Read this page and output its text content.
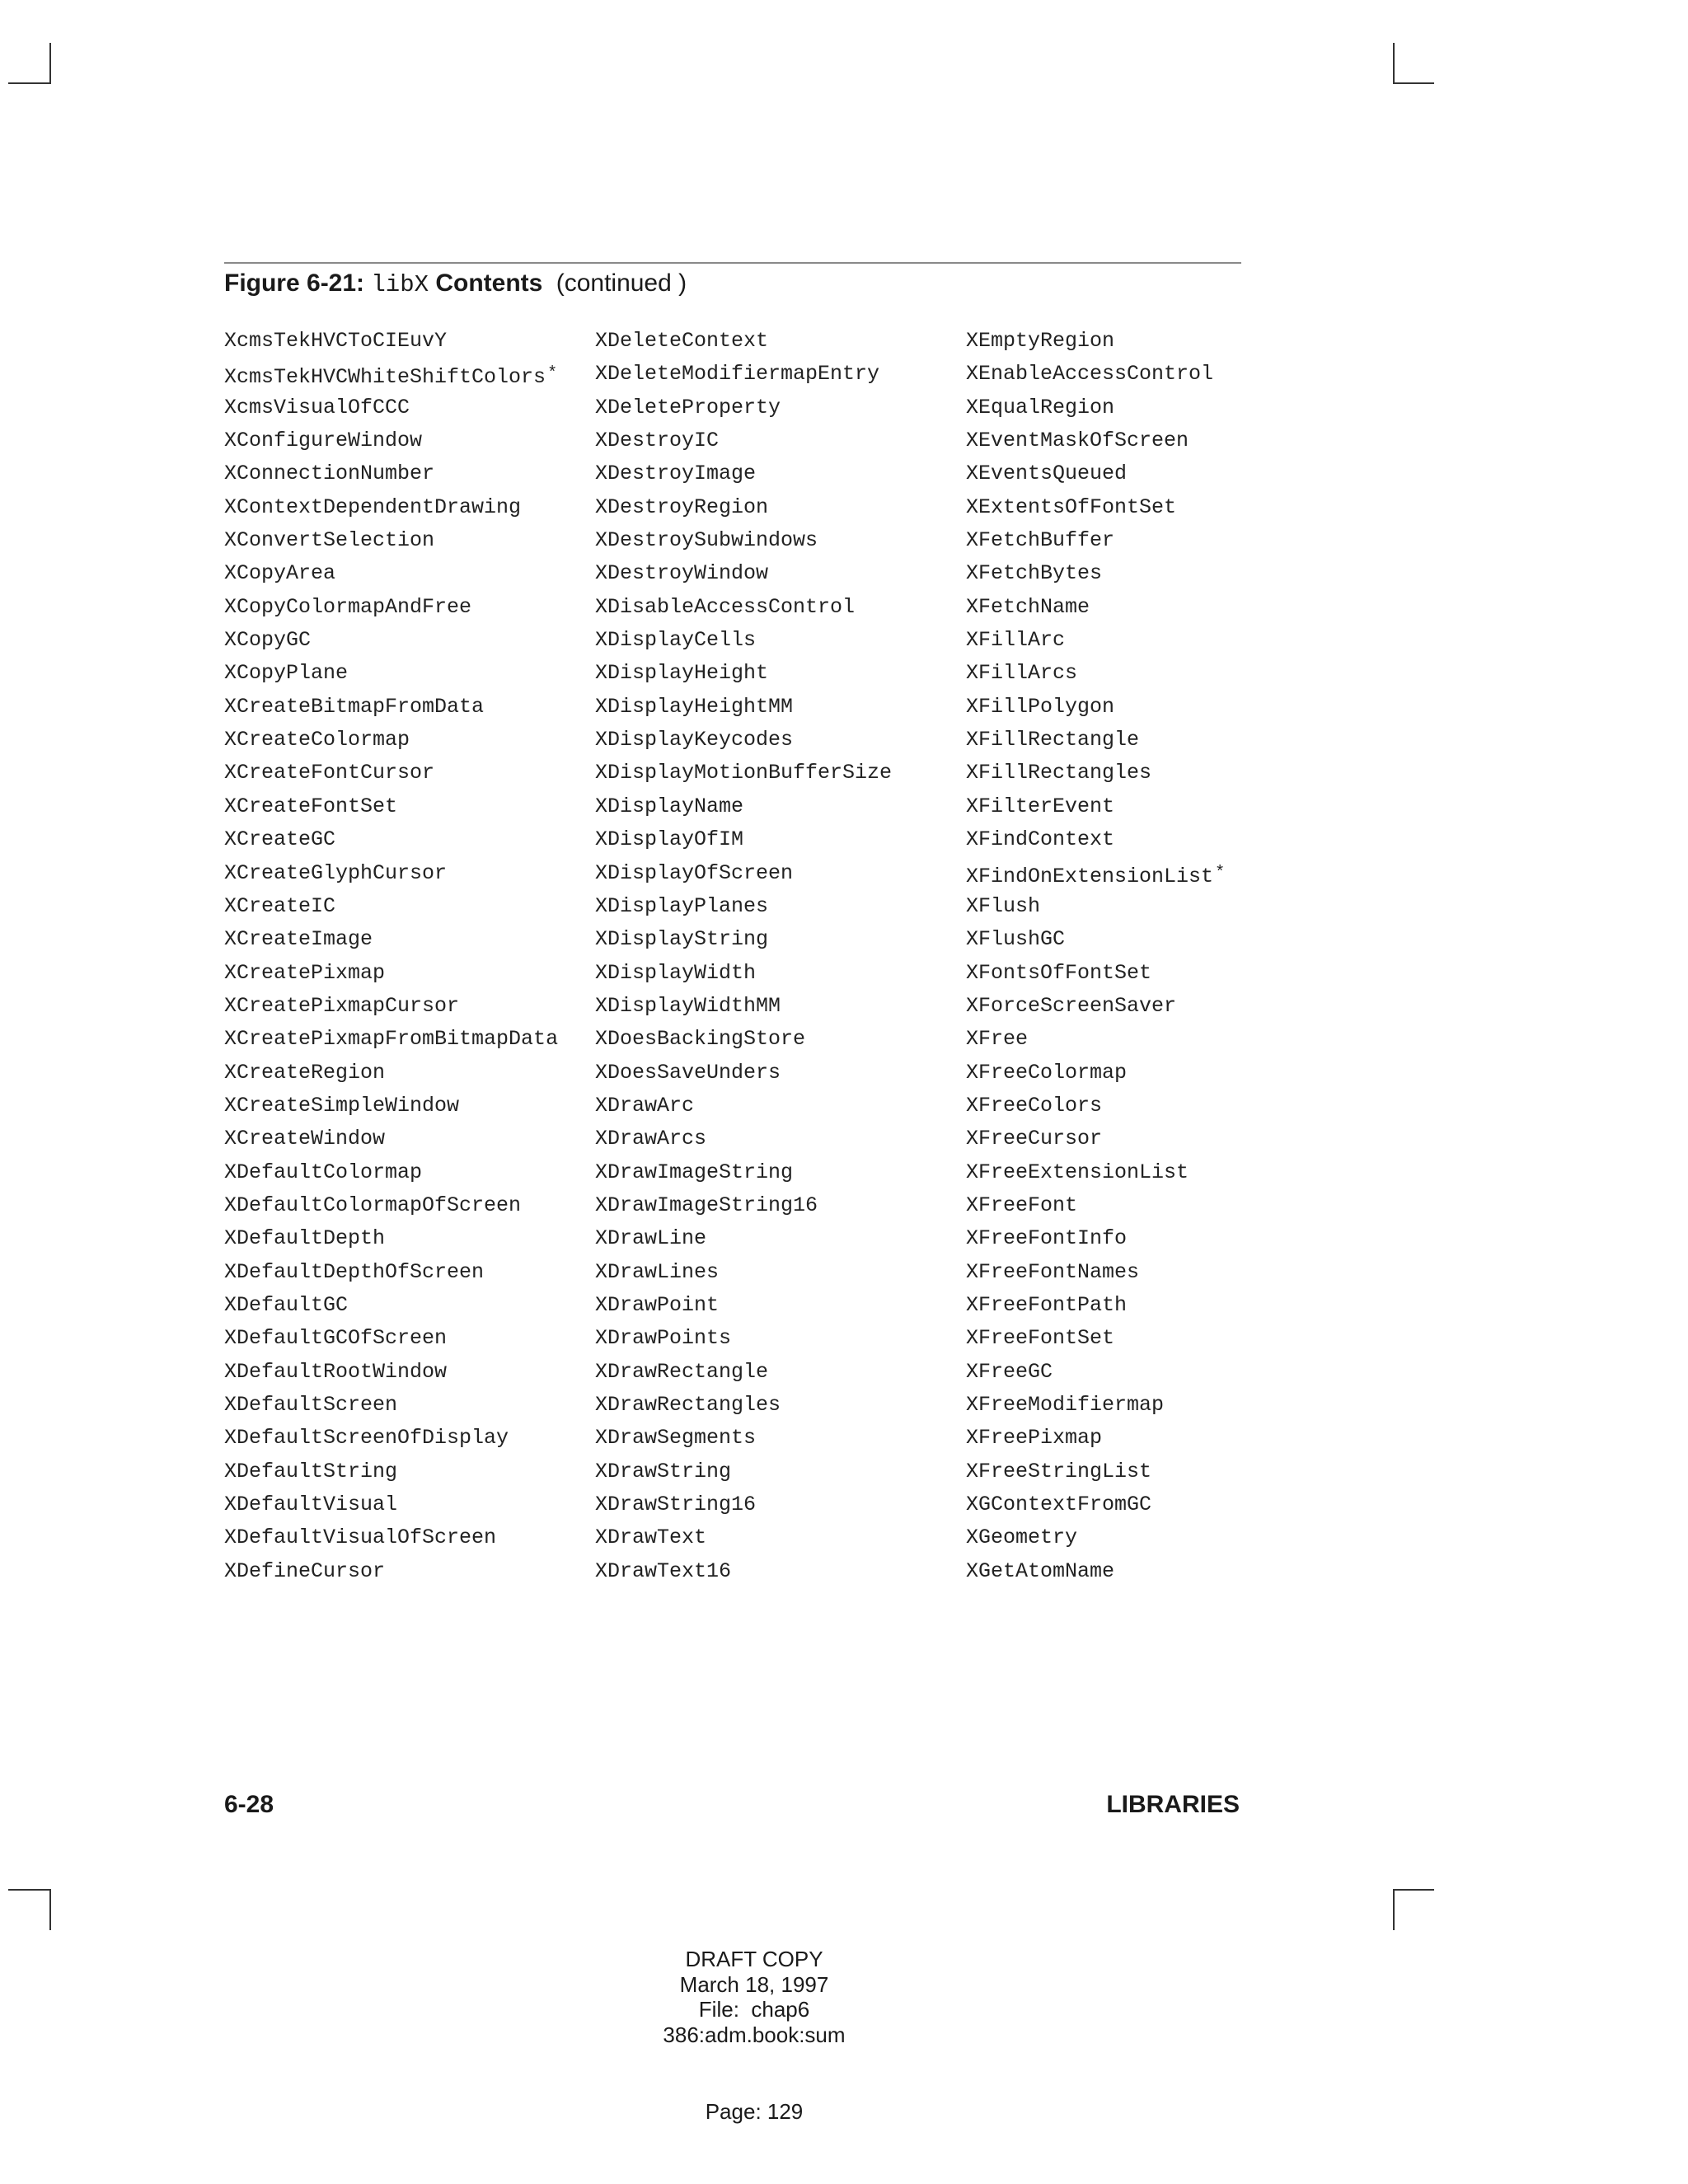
Figure 6-21: libX Contents (continued )
XcmsTekHVCToCIEuvY
XcmsTekHVCWhiteShiftColors *
XcmsVisualOfCCC
XConfigureWindow
XConnectionNumber
XContextDependentDrawing
XConvertSelection
XCopyArea
XCopyColormapAndFree
XCopyGC
XCopyPlane
XCreateBitmapFromData
XCreateColormap
XCreateFontCursor
XCreateFontSet
XCreateGC
XCreateGlyphCursor
XCreateIC
XCreateImage
XCreatePixmap
XCreatePixmapCursor
XCreatePixmapFromBitmapData
XCreateRegion
XCreateSimpleWindow
XCreateWindow
XDefaultColormap
XDefaultColormapOfScreen
XDefaultDepth
XDefaultDepthOfScreen
XDefaultGC
XDefaultGCOfScreen
XDefaultRootWindow
XDefaultScreen
XDefaultScreenOfDisplay
XDefaultString
XDefaultVisual
XDefaultVisualOfScreen
XDefineCursor
XDeleteContext
XDeleteModifiermapEntry
XDeleteProperty
XDestroyIC
XDestroyImage
XDestroyRegion
XDestroySubwindows
XDestroyWindow
XDisableAccessControl
XDisplayCells
XDisplayHeight
XDisplayHeightMM
XDisplayKeycodes
XDisplayMotionBufferSize
XDisplayName
XDisplayOfIM
XDisplayOfScreen
XDisplayPlanes
XDisplayString
XDisplayWidth
XDisplayWidthMM
XDoesBackingStore
XDoesSaveUnders
XDrawArc
XDrawArcs
XDrawImageString
XDrawImageString16
XDrawLine
XDrawLines
XDrawPoint
XDrawPoints
XDrawRectangle
XDrawRectangles
XDrawSegments
XDrawString
XDrawString16
XDrawText
XDrawText16
XEmptyRegion
XEnableAccessControl
XEqualRegion
XEventMaskOfScreen
XEventsQueued
XExtentsOfFontSet
XFetchBuffer
XFetchBytes
XFetchName
XFillArc
XFillArcs
XFillPolygon
XFillRectangle
XFillRectangles
XFilterEvent
XFindContext
XFindOnExtensionList *
XFlush
XFlushGC
XFontsOfFontSet
XForceScreenSaver
XFree
XFreeColormap
XFreeColors
XFreeCursor
XFreeExtensionList
XFreeFont
XFreeFontInfo
XFreeFontNames
XFreeFontPath
XFreeFontSet
XFreeGC
XFreeModifiermap
XFreePixmap
XFreeStringList
XGContextFromGC
XGeometry
XGetAtomName
6-28	LIBRARIES
DRAFT COPY
March 18, 1997
File:  chap6
386:adm.book:sum
Page: 129
